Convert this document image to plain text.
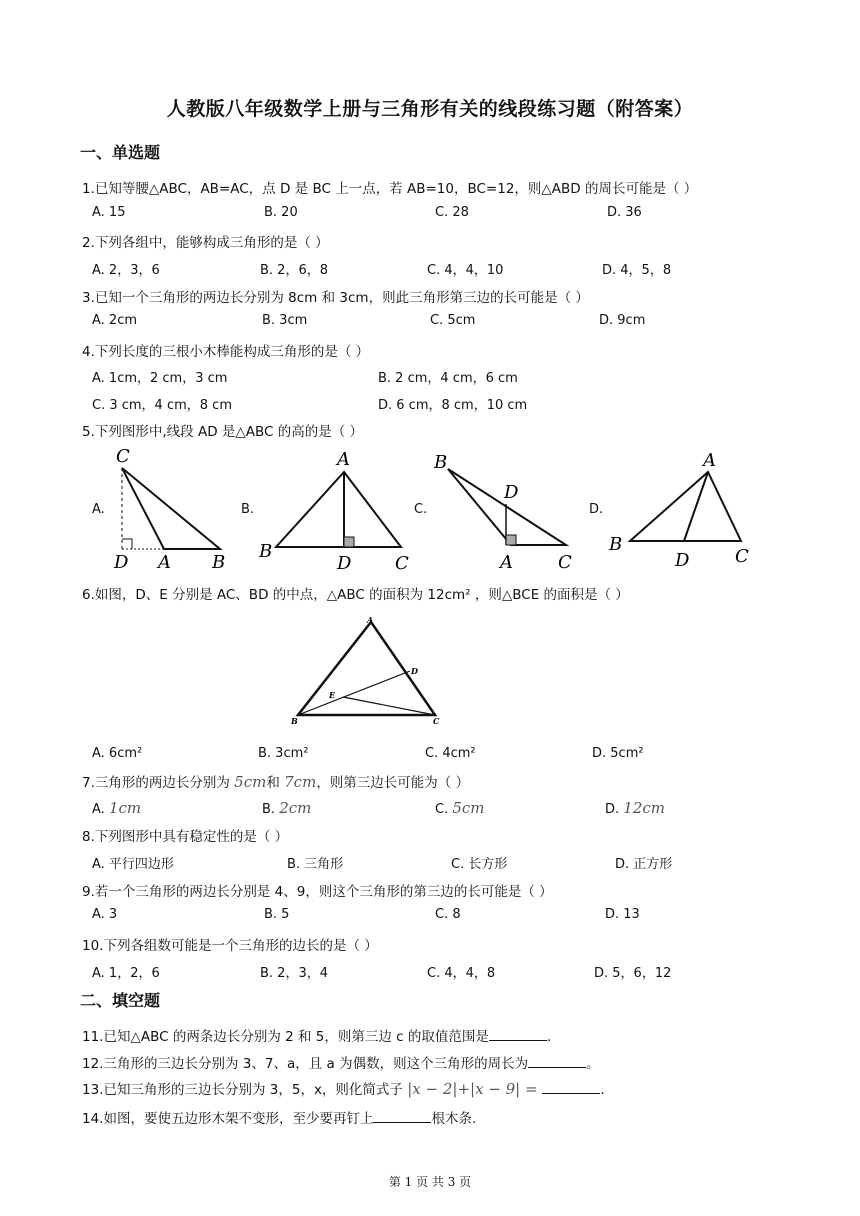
人教版八年级数学上册与三角形有关的线段练习题（附答案）
一、单选题
1.已知等腰△ABC，AB=AC，点 D 是 BC 上一点，若 AB=10，BC=12，则△ABD 的周长可能是（ ）
A. 15	B. 20	C. 28	D. 36
2.下列各组中，能够构成三角形的是（ ）
A. 2，3，6	B. 2，6，8	C. 4，4，10	D. 4，5，8
3.已知一个三角形的两边长分别为 8cm 和 3cm，则此三角形第三边的长可能是（ ）
A. 2cm	B. 3cm	C. 5cm	D. 9cm
4.下列长度的三根小木棒能构成三角形的是（ ）
A. 1cm，2 cm，3 cm	B. 2 cm，4 cm，6 cm
C. 3 cm，4 cm，8 cm	D. 6 cm，8 cm，10 cm
5.下列图形中,线段 AD 是△ABC 的高的是（ ）
A.	B.	C.	D.
C
D A B
A
B
D C
B
D
A	C
A
B
D	C
6.如图，D、E 分别是 AC、BD 的中点，△ABC 的面积为 12cm² ，则△BCE 的面积是（ ）
A
D
E
B	C
A. 6cm²	B. 3cm²	C. 4cm²	D. 5cm²
7.三角形的两边长分别为 5cm和 7cm，则第三边长可能为（ ）
A. 1cm	B. 2cm	C. 5cm	D. 12cm
8.下列图形中具有稳定性的是（ ）
A. 平行四边形	B. 三角形	C. 长方形	D. 正方形
9.若一个三角形的两边长分别是 4、9，则这个三角形的第三边的长可能是（ ）
A. 3	B. 5	C. 8	D. 13
10.下列各组数可能是一个三角形的边长的是（ ）
A. 1，2，6	B. 2，3，4	C. 4，4，8	D. 5，6，12
二、填空题
11.已知△ABC 的两条边长分别为 2 和 5，则第三边 c 的取值范围是	.
12.三角形的三边长分别为 3、7、a，且 a 为偶数，则这个三角形的周长为	。
13.已知三角形的三边长分别为 3，5，x，则化简式子 |x − 2|+|x − 9| =	.
14.如图，要使五边形木架不变形，至少要再钉上	根木条.
第 1 页 共 3 页
